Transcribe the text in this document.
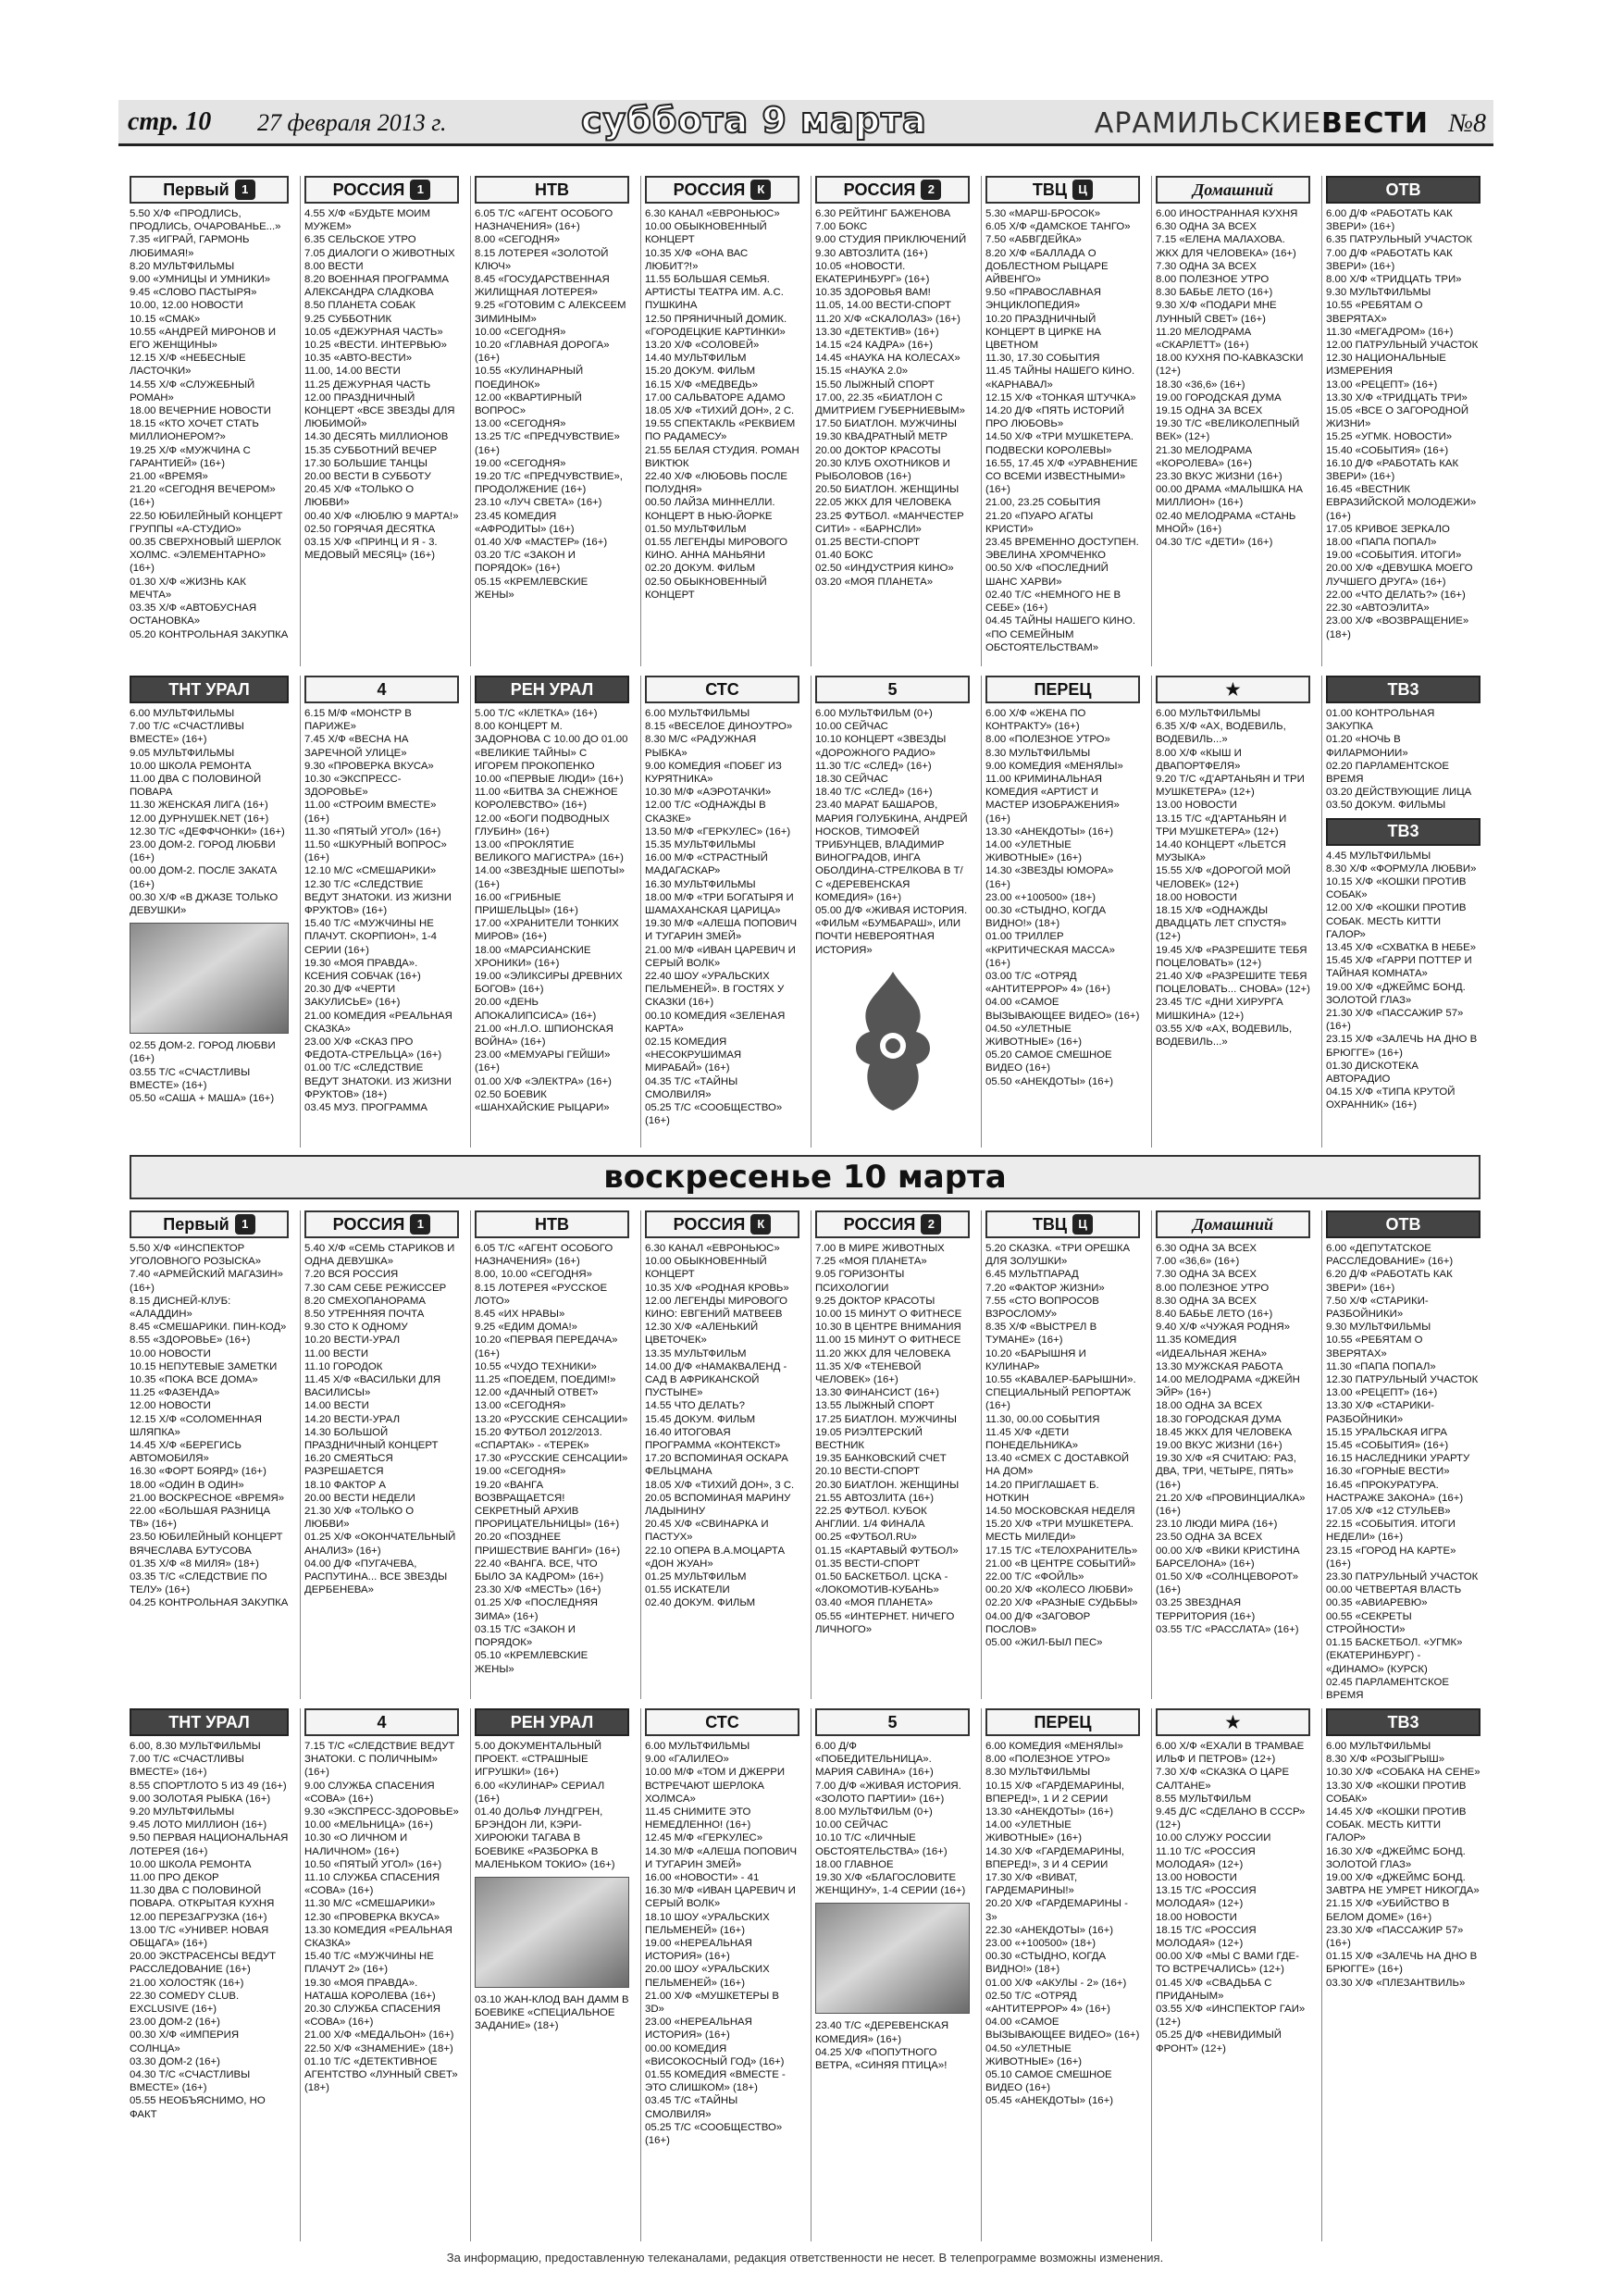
стр. 10 27 февраля 2013 г.	суббота 9 марта	АРАМИЛЬСКИЕВЕСТИ №8
Первый	1

5.50 Х/Ф «ПРОДЛИСЬ, ПРОДЛИСЬ, ОЧАРОВАНЬЕ...»

7.35 «ИГРАЙ, ГАРМОНЬ ЛЮБИМАЯ!»

8.20 МУЛЬТФИЛЬМЫ

9.00 «УМНИЦЫ И УМНИКИ»

9.45 «СЛОВО ПАСТЫРЯ»

10.00, 12.00 НОВОСТИ

10.15 «СМАК»

10.55 «АНДРЕЙ МИРОНОВ И ЕГО ЖЕНЩИНЫ»

12.15 Х/Ф «НЕБЕСНЫЕ ЛАСТОЧКИ»

14.55 Х/Ф «СЛУЖЕБНЫЙ РОМАН»

18.00 ВЕЧЕРНИЕ НОВОСТИ

18.15 «КТО ХОЧЕТ СТАТЬ МИЛЛИОНЕРОМ?»

19.25 Х/Ф «МУЖЧИНА С ГАРАНТИЕЙ» (16+)

21.00 «ВРЕМЯ»

21.20 «СЕГОДНЯ ВЕЧЕРОМ» (16+)

22.50 ЮБИЛЕЙНЫЙ КОНЦЕРТ ГРУППЫ «А-СТУДИО»

00.35 СВЕРХНОВЫЙ ШЕРЛОК ХОЛМС. «ЭЛЕМЕНТАРНО» (16+)

01.30 Х/Ф «ЖИЗНЬ КАК МЕЧТА»

03.35 Х/Ф «АВТОБУСНАЯ ОСТАНОВКА»

05.20 КОНТРОЛЬНАЯ ЗАКУПКА

РОССИЯ	1

4.55 Х/Ф «БУДЬТЕ МОИМ МУЖЕМ»

6.35 СЕЛЬСКОЕ УТРО

7.05 ДИАЛОГИ О ЖИВОТНЫХ

8.00 ВЕСТИ

8.20 ВОЕННАЯ ПРОГРАММА АЛЕКСАНДРА СЛАДКОВА

8.50 ПЛАНЕТА СОБАК

9.25 СУББОТНИК

10.05 «ДЕЖУРНАЯ ЧАСТЬ»

10.25 «ВЕСТИ. ИНТЕРВЬЮ»

10.35 «АВТО-ВЕСТИ»

11.00, 14.00 ВЕСТИ

11.25 ДЕЖУРНАЯ ЧАСТЬ

12.00 ПРАЗДНИЧНЫЙ КОНЦЕРТ «ВСЕ ЗВЕЗДЫ ДЛЯ ЛЮБИМОЙ»

14.30 ДЕСЯТЬ МИЛЛИОНОВ

15.35 СУББОТНИЙ ВЕЧЕР

17.30 БОЛЬШИЕ ТАНЦЫ

20.00 ВЕСТИ В СУББОТУ

20.45 Х/Ф «ТОЛЬКО О ЛЮБВИ»

00.40 Х/Ф «ЛЮБЛЮ 9 МАРТА!»

02.50 ГОРЯЧАЯ ДЕСЯТКА

03.15 Х/Ф «ПРИНЦ И Я - 3. МЕДОВЫЙ МЕСЯЦ» (16+)

НТВ

6.05 Т/С «АГЕНТ ОСОБОГО НАЗНАЧЕНИЯ» (16+)

8.00 «СЕГОДНЯ»

8.15 ЛОТЕРЕЯ «ЗОЛОТОЙ КЛЮЧ»

8.45 «ГОСУДАРСТВЕННАЯ ЖИЛИЩНАЯ ЛОТЕРЕЯ»

9.25 «ГОТОВИМ С АЛЕКСЕЕМ ЗИМИНЫМ»

10.00 «СЕГОДНЯ»

10.20 «ГЛАВНАЯ ДОРОГА» (16+)

10.55 «КУЛИНАРНЫЙ ПОЕДИНОК»

12.00 «КВАРТИРНЫЙ ВОПРОС»

13.00 «СЕГОДНЯ»

13.25 Т/С «ПРЕДЧУВСТВИЕ» (16+)

19.00 «СЕГОДНЯ»

19.20 Т/С «ПРЕДЧУВСТВИЕ», ПРОДОЛЖЕНИЕ (16+)

23.10 «ЛУЧ СВЕТА» (16+)

23.45 КОМЕДИЯ «АФРОДИТЫ» (16+)

01.40 Х/Ф «МАСТЕР» (16+)

03.20 Т/С «ЗАКОН И ПОРЯДОК» (16+)

05.15 «КРЕМЛЕВСКИЕ ЖЕНЫ»

РОССИЯ	К

6.30 КАНАЛ «ЕВРОНЬЮС»

10.00 ОБЫКНОВЕННЫЙ КОНЦЕРТ

10.35 Х/Ф «ОНА ВАС ЛЮБИТ?!»

11.55 БОЛЬШАЯ СЕМЬЯ. АРТИСТЫ ТЕАТРА ИМ. А.С. ПУШКИНА

12.50 ПРЯНИЧНЫЙ ДОМИК. «ГОРОДЕЦКИЕ КАРТИНКИ»

13.20 Х/Ф «СОЛОВЕЙ»

14.40 МУЛЬТФИЛЬМ

15.20 ДОКУМ. ФИЛЬМ

16.15 Х/Ф «МЕДВЕДЬ»

17.00 САЛЬВАТОРЕ АДАМО

18.05 Х/Ф «ТИХИЙ ДОН», 2 С.

19.55 СПЕКТАКЛЬ «РЕКВИЕМ ПО РАДАМЕСУ»

21.55 БЕЛАЯ СТУДИЯ. РОМАН ВИКТЮК

22.40 Х/Ф «ЛЮБОВЬ ПОСЛЕ ПОЛУДНЯ»

00.50 ЛАЙЗА МИННЕЛЛИ. КОНЦЕРТ В НЬЮ-ЙОРКЕ

01.50 МУЛЬТФИЛЬМ

01.55 ЛЕГЕНДЫ МИРОВОГО КИНО. АННА МАНЬЯНИ

02.20 ДОКУМ. ФИЛЬМ

02.50 ОБЫКНОВЕННЫЙ КОНЦЕРТ

РОССИЯ	2

6.30 РЕЙТИНГ БАЖЕНОВА

7.00 БОКС

9.00 СТУДИЯ ПРИКЛЮЧЕНИЙ

9.30 АВТОЗЛИТА (16+)

10.05 «НОВОСТИ. ЕКАТЕРИНБУРГ» (16+)

10.35 ЗДОРОВЬЯ ВАМ!

11.05, 14.00 ВЕСТИ-СПОРТ

11.20 Х/Ф «СКАЛОЛАЗ» (16+)

13.30 «ДЕТЕКТИВ» (16+)

14.15 «24 КАДРА» (16+)

14.45 «НАУКА НА КОЛЕСАХ»

15.15 «НАУКА 2.0»

15.50 ЛЫЖНЫЙ СПОРТ

17.00, 22.35 «БИАТЛОН С ДМИТРИЕМ ГУБЕРНИЕВЫМ»

17.50 БИАТЛОН. МУЖЧИНЫ

19.30 КВАДРАТНЫЙ МЕТР

20.00 ДОКТОР КРАСОТЫ

20.30 КЛУБ ОХОТНИКОВ И РЫБОЛОВОВ (16+)

20.50 БИАТЛОН. ЖЕНЩИНЫ

22.05 ЖКХ ДЛЯ ЧЕЛОВЕКА

23.25 ФУТБОЛ. «МАНЧЕСТЕР СИТИ» - «БАРНСЛИ»

01.25 ВЕСТИ-СПОРТ

01.40 БОКС

02.50 «ИНДУСТРИЯ КИНО»

03.20 «МОЯ ПЛАНЕТА»

ТВЦ Ц

5.30 «МАРШ-БРОСОК»

6.05 Х/Ф «ДАМСКОЕ ТАНГО»

7.50 «АБВГДЕЙКА»

8.20 Х/Ф «БАЛЛАДА О ДОБЛЕСТНОМ РЫЦАРЕ АЙВЕНГО»

9.50 «ПРАВОСЛАВНАЯ ЭНЦИКЛОПЕДИЯ»

10.20 ПРАЗДНИЧНЫЙ КОНЦЕРТ В ЦИРКЕ НА ЦВЕТНОМ

11.30, 17.30 СОБЫТИЯ

11.45 ТАЙНЫ НАШЕГО КИНО. «КАРНАВАЛ»

12.15 Х/Ф «ТОНКАЯ ШТУЧКА»

14.20 Д/Ф «ПЯТЬ ИСТОРИЙ ПРО ЛЮБОВЬ»

14.50 Х/Ф «ТРИ МУШКЕТЕРА. ПОДВЕСКИ КОРОЛЕВЫ»

16.55, 17.45 Х/Ф «УРАВНЕНИЕ СО ВСЕМИ ИЗВЕСТНЫМИ» (16+)

21.00, 23.25 СОБЫТИЯ

21.20 «ПУАРО АГАТЫ КРИСТИ»

23.45 ВРЕМЕННО ДОСТУПЕН. ЭВЕЛИНА ХРОМЧЕНКО

00.50 Х/Ф «ПОСЛЕДНИЙ ШАНС ХАРВИ»

02.40 Т/С «НЕМНОГО НЕ В СЕБЕ» (16+)

04.45 ТАЙНЫ НАШЕГО КИНО. «ПО СЕМЕЙНЫМ ОБСТОЯТЕЛЬСТВАМ»

Домашний

6.00 ИНОСТРАННАЯ КУХНЯ

6.30 ОДНА ЗА ВСЕХ

7.15 «ЕЛЕНА МАЛАХОВА. ЖКХ ДЛЯ ЧЕЛОВЕКА» (16+)

7.30 ОДНА ЗА ВСЕХ

8.00 ПОЛЕЗНОЕ УТРО

8.30 БАБЬЕ ЛЕТО (16+)

9.30 Х/Ф «ПОДАРИ МНЕ ЛУННЫЙ СВЕТ» (16+)

11.20 МЕЛОДРАМА «СКАРЛЕТТ» (16+)

18.00 КУХНЯ ПО-КАВКАЗСКИ (12+)

18.30 «36,6» (16+)

19.00 ГОРОДСКАЯ ДУМА

19.15 ОДНА ЗА ВСЕХ

19.30 Т/С «ВЕЛИКОЛЕПНЫЙ ВЕК» (12+)

21.30 МЕЛОДРАМА «КОРОЛЕВА» (16+)

23.30 ВКУС ЖИЗНИ (16+)

00.00 ДРАМА «МАЛЫШКА НА МИЛЛИОН» (16+)

02.40 МЕЛОДРАМА «СТАНЬ МНОЙ» (16+)

04.30 Т/С «ДЕТИ» (16+)

ОТВ

6.00 Д/Ф «РАБОТАТЬ КАК ЗВЕРИ» (16+)

6.35 ПАТРУЛЬНЫЙ УЧАСТОК

7.00 Д/Ф «РАБОТАТЬ КАК ЗВЕРИ» (16+)

8.00 Х/Ф «ТРИДЦАТЬ ТРИ»

9.30 МУЛЬТФИЛЬМЫ

10.55 «РЕБЯТАМ О ЗВЕРЯТАХ»

11.30 «МЕГАДРОМ» (16+)

12.00 ПАТРУЛЬНЫЙ УЧАСТОК

12.30 НАЦИОНАЛЬНЫЕ ИЗМЕРЕНИЯ

13.00 «РЕЦЕПТ» (16+)

13.30 Х/Ф «ТРИДЦАТЬ ТРИ»

15.05 «ВСЕ О ЗАГОРОДНОЙ ЖИЗНИ»

15.25 «УГМК. НОВОСТИ»

15.40 «СОБЫТИЯ» (16+)

16.10 Д/Ф «РАБОТАТЬ КАК ЗВЕРИ» (16+)

16.45 «ВЕСТНИК ЕВРАЗИЙСКОЙ МОЛОДЕЖИ» (16+)

17.05 КРИВОЕ ЗЕРКАЛО

18.00 «ПАПА ПОПАЛ»

19.00 «СОБЫТИЯ. ИТОГИ»

20.00 Х/Ф «ДЕВУШКА МОЕГО ЛУЧШЕГО ДРУГА» (16+)

22.00 «ЧТО ДЕЛАТЬ?» (16+)

22.30 «АВТОЭЛИТА»

23.00 Х/Ф «ВОЗВРАЩЕНИЕ» (18+)

ТНТ УРАЛ

6.00 МУЛЬТФИЛЬМЫ

7.00 Т/С «СЧАСТЛИВЫ ВМЕСТЕ» (16+)

9.05 МУЛЬТФИЛЬМЫ

10.00 ШКОЛА РЕМОНТА

11.00 ДВА С ПОЛОВИНОЙ ПОВАРА

11.30 ЖЕНСКАЯ ЛИГА (16+)

12.00 ДУРНУШЕК.NET (16+)

12.30 Т/С «ДЕФФЧОНКИ» (16+)

23.00 ДОМ-2. ГОРОД ЛЮБВИ (16+)

00.00 ДОМ-2. ПОСЛЕ ЗАКАТА (16+)

00.30 Х/Ф «В ДЖАЗЕ ТОЛЬКО ДЕВУШКИ»

02.55 ДОМ-2. ГОРОД ЛЮБВИ (16+)

03.55 Т/С «СЧАСТЛИВЫ ВМЕСТЕ» (16+)

05.50 «САША + МАША» (16+)

4

6.15 М/Ф «МОНСТР В ПАРИЖЕ»

7.45 Х/Ф «ВЕСНА НА ЗАРЕЧНОЙ УЛИЦЕ»

9.30 «ПРОВЕРКА ВКУСА»

10.30 «ЭКСПРЕСС-ЗДОРОВЬЕ»

11.00 «СТРОИМ ВМЕСТЕ» (16+)

11.30 «ПЯТЫЙ УГОЛ» (16+)

11.50 «ШКУРНЫЙ ВОПРОС» (16+)

12.10 М/С «СМЕШАРИКИ»

12.30 Т/С «СЛЕДСТВИЕ ВЕДУТ ЗНАТОКИ. ИЗ ЖИЗНИ ФРУКТОВ» (16+)

15.40 Т/С «МУЖЧИНЫ НЕ ПЛАЧУТ. СКОРПИОН», 1-4 СЕРИИ (16+)

19.30 «МОЯ ПРАВДА». КСЕНИЯ СОБЧАК (16+)

20.30 Д/Ф «ЧЕРТИ ЗАКУЛИСЬЕ» (16+)

21.00 КОМЕДИЯ «РЕАЛЬНАЯ СКАЗКА»

23.00 Х/Ф «СКАЗ ПРО ФЕДОТА-СТРЕЛЬЦА» (16+)

01.00 Т/С «СЛЕДСТВИЕ ВЕДУТ ЗНАТОКИ. ИЗ ЖИЗНИ ФРУКТОВ» (18+)

03.45 МУЗ. ПРОГРАММА

РЕН УРАЛ

5.00 Т/С «КЛЕТКА» (16+)

8.00 КОНЦЕРТ М. ЗАДОРНОВА С 10.00 ДО 01.00 «ВЕЛИКИЕ ТАЙНЫ» С ИГОРЕМ ПРОКОПЕНКО

10.00 «ПЕРВЫЕ ЛЮДИ» (16+)

11.00 «БИТВА ЗА СНЕЖНОЕ КОРОЛЕВСТВО» (16+)

12.00 «БОГИ ПОДВОДНЫХ ГЛУБИН» (16+)

13.00 «ПРОКЛЯТИЕ ВЕЛИКОГО МАГИСТРА» (16+)

14.00 «ЗВЕЗДНЫЕ ШЕПОТЫ» (16+)

16.00 «ГРИБНЫЕ ПРИШЕЛЬЦЫ» (16+)

17.00 «ХРАНИТЕЛИ ТОНКИХ МИРОВ» (16+)

18.00 «МАРСИАНСКИЕ ХРОНИКИ» (16+)

19.00 «ЭЛИКСИРЫ ДРЕВНИХ БОГОВ» (16+)

20.00 «ДЕНЬ АПОКАЛИПСИСА» (16+)

21.00 «Н.Л.О. ШПИОНСКАЯ ВОЙНА» (16+)

23.00 «МЕМУАРЫ ГЕЙШИ» (16+)

01.00 Х/Ф «ЭЛЕКТРА» (16+)

02.50 БОЕВИК «ШАНХАЙСКИЕ РЫЦАРИ»

СТС

6.00 МУЛЬТФИЛЬМЫ

8.15 «ВЕСЕЛОЕ ДИНОУТРО»

8.30 М/С «РАДУЖНАЯ РЫБКА»

9.00 КОМЕДИЯ «ПОБЕГ ИЗ КУРЯТНИКА»

10.30 М/Ф «АЭРОТАЧКИ»

12.00 Т/С «ОДНАЖДЫ В СКАЗКЕ»

13.50 М/Ф «ГЕРКУЛЕС» (16+)

15.35 МУЛЬТФИЛЬМЫ

16.00 М/Ф «СТРАСТНЫЙ МАДАГАСКАР»

16.30 МУЛЬТФИЛЬМЫ

18.00 М/Ф «ТРИ БОГАТЫРЯ И ШАМАХАНСКАЯ ЦАРИЦА»

19.30 М/Ф «АЛЕША ПОПОВИЧ И ТУГАРИН ЗМЕЙ»

21.00 М/Ф «ИВАН ЦАРЕВИЧ И СЕРЫЙ ВОЛК»

22.40 ШОУ «УРАЛЬСКИХ ПЕЛЬМЕНЕЙ». В ГОСТЯХ У СКАЗКИ (16+)

00.10 КОМЕДИЯ «ЗЕЛЕНАЯ КАРТА»

02.15 КОМЕДИЯ «НЕСОКРУШИМАЯ МИРАБАЙ» (16+)

04.35 Т/С «ТАЙНЫ СМОЛВИЛЯ»

05.25 Т/С «СООБЩЕСТВО» (16+)

5

6.00 МУЛЬТФИЛЬМ (0+)

10.00 СЕЙЧАС

10.10 КОНЦЕРТ «ЗВЕЗДЫ «ДОРОЖНОГО РАДИО»

11.30 Т/С «СЛЕД» (16+)

18.30 СЕЙЧАС

18.40 Т/С «СЛЕД» (16+)

23.40 МАРАТ БАШАРОВ, МАРИЯ ГОЛУБКИНА, АНДРЕЙ НОСКОВ, ТИМОФЕЙ ТРИБУНЦЕВ, ВЛАДИМИР ВИНОГРАДОВ, ИНГА ОБОЛДИНА-СТРЕЛКОВА В Т/С «ДЕРЕВЕНСКАЯ КОМЕДИЯ» (16+)

05.00 Д/Ф «ЖИВАЯ ИСТОРИЯ. «ФИЛЬМ «БУМБАРАШ», ИЛИ ПОЧТИ НЕВЕРОЯТНАЯ ИСТОРИЯ»

ПЕРЕЦ

6.00 Х/Ф «ЖЕНА ПО КОНТРАКТУ» (16+)

8.00 «ПОЛЕЗНОЕ УТРО»

8.30 МУЛЬТФИЛЬМЫ

9.00 КОМЕДИЯ «МЕНЯЛЫ»

11.00 КРИМИНАЛЬНАЯ КОМЕДИЯ «АРТИСТ И МАСТЕР ИЗОБРАЖЕНИЯ» (16+)

13.30 «АНЕКДОТЫ» (16+)

14.00 «УЛЕТНЫЕ ЖИВОТНЫЕ» (16+)

14.30 «ЗВЕЗДЫ ЮМОРА» (16+)

23.00 «+100500» (18+)

00.30 «СТЫДНО, КОГДА ВИДНО!» (18+)

01.00 ТРИЛЛЕР «КРИТИЧЕСКАЯ МАССА» (16+)

03.00 Т/С «ОТРЯД «АНТИТЕРРОР» 4» (16+)

04.00 «САМОЕ ВЫЗЫВАЮЩЕЕ ВИДЕО» (16+)

04.50 «УЛЕТНЫЕ ЖИВОТНЫЕ» (16+)

05.20 САМОЕ СМЕШНОЕ ВИДЕО (16+)

05.50 «АНЕКДОТЫ» (16+)

★

6.00 МУЛЬТФИЛЬМЫ

6.35 Х/Ф «АХ, ВОДЕВИЛЬ, ВОДЕВИЛЬ...»

8.00 Х/Ф «КЫШ И ДВАПОРТФЕЛЯ»

9.20 Т/С «Д'АРТАНЬЯН И ТРИ МУШКЕТЕРА» (12+)

13.00 НОВОСТИ

13.15 Т/С «Д'АРТАНЬЯН И ТРИ МУШКЕТЕРА» (12+)

14.40 КОНЦЕРТ «ЛЬЕТСЯ МУЗЫКА»

15.55 Х/Ф «ДОРОГОЙ МОЙ ЧЕЛОВЕК» (12+)

18.00 НОВОСТИ

18.15 Х/Ф «ОДНАЖДЫ ДВАДЦАТЬ ЛЕТ СПУСТЯ» (12+)

19.45 Х/Ф «РАЗРЕШИТЕ ТЕБЯ ПОЦЕЛОВАТЬ» (12+)

21.40 Х/Ф «РАЗРЕШИТЕ ТЕБЯ ПОЦЕЛОВАТЬ... СНОВА» (12+)

23.45 Т/С «ДНИ ХИРУРГА МИШКИНА» (12+)

03.55 Х/Ф «АХ, ВОДЕВИЛЬ, ВОДЕВИЛЬ...»

ТВ3

01.00 КОНТРОЛЬНАЯ ЗАКУПКА

01.20 «НОЧЬ В ФИЛАРМОНИИ»

02.20 ПАРЛАМЕНТСКОЕ ВРЕМЯ

03.20 ДЕЙСТВУЮЩИЕ ЛИЦА

03.50 ДОКУМ. ФИЛЬМЫ

ТВ3

4.45 МУЛЬТФИЛЬМЫ

8.30 Х/Ф «ФОРМУЛА ЛЮБВИ»

10.15 Х/Ф «КОШКИ ПРОТИВ СОБАК»

12.00 Х/Ф «КОШКИ ПРОТИВ СОБАК. МЕСТЬ КИТТИ ГАЛОР»

13.45 Х/Ф «СХВАТКА В НЕБЕ»

15.45 Х/Ф «ГАРРИ ПОТТЕР И ТАЙНАЯ КОМНАТА»

19.00 Х/Ф «ДЖЕЙМС БОНД. ЗОЛОТОЙ ГЛАЗ»

21.30 Х/Ф «ПАССАЖИР 57» (16+)

23.15 Х/Ф «ЗАЛЕЧЬ НА ДНО В БРЮГГЕ» (16+)

01.30 ДИСКОТЕКА АВТОРАДИО

04.15 Х/Ф «ТИПА КРУТОЙ ОХРАННИК» (16+)

воскресенье 10 марта
Первый	1

5.50 Х/Ф «ИНСПЕКТОР УГОЛОВНОГО РОЗЫСКА»

7.40 «АРМЕЙСКИЙ МАГАЗИН» (16+)

8.15 ДИСНЕЙ-КЛУБ: «АЛАДДИН»

8.45 «СМЕШАРИКИ. ПИН-КОД»

8.55 «ЗДОРОВЬЕ» (16+)

10.00 НОВОСТИ

10.15 НЕПУТЕВЫЕ ЗАМЕТКИ

10.35 «ПОКА ВСЕ ДОМА»

11.25 «ФАЗЕНДА»

12.00 НОВОСТИ

12.15 Х/Ф «СОЛОМЕННАЯ ШЛЯПКА»

14.45 Х/Ф «БЕРЕГИСЬ АВТОМОБИЛЯ»

16.30 «ФОРТ БОЯРД» (16+)

18.00 «ОДИН В ОДИН»

21.00 ВОСКРЕСНОЕ «ВРЕМЯ»

22.00 «БОЛЬШАЯ РАЗНИЦА ТВ» (16+)

23.50 ЮБИЛЕЙНЫЙ КОНЦЕРТ ВЯЧЕСЛАВА БУТУСОВА

01.35 Х/Ф «8 МИЛЯ» (18+)

03.35 Т/С «СЛЕДСТВИЕ ПО ТЕЛУ» (16+)

04.25 КОНТРОЛЬНАЯ ЗАКУПКА

РОССИЯ	1

5.40 Х/Ф «СЕМЬ СТАРИКОВ И ОДНА ДЕВУШКА»

7.20 ВСЯ РОССИЯ

7.30 САМ СЕБЕ РЕЖИССЕР

8.20 СМЕХОПАНОРАМА

8.50 УТРЕННЯЯ ПОЧТА

9.30 СТО К ОДНОМУ

10.20 ВЕСТИ-УРАЛ

11.00 ВЕСТИ

11.10 ГОРОДОК

11.45 Х/Ф «ВАСИЛЬКИ ДЛЯ ВАСИЛИСЫ»

14.00 ВЕСТИ

14.20 ВЕСТИ-УРАЛ

14.30 БОЛЬШОЙ ПРАЗДНИЧНЫЙ КОНЦЕРТ

16.20 СМЕЯТЬСЯ РАЗРЕШАЕТСЯ

18.10 ФАКТОР А

20.00 ВЕСТИ НЕДЕЛИ

21.30 Х/Ф «ТОЛЬКО О ЛЮБВИ»

01.25 Х/Ф «ОКОНЧАТЕЛЬНЫЙ АНАЛИЗ» (16+)

04.00 Д/Ф «ПУГАЧЕВА, РАСПУТИНА... ВСЕ ЗВЕЗДЫ ДЕРБЕНЕВА»

НТВ

6.05 Т/С «АГЕНТ ОСОБОГО НАЗНАЧЕНИЯ» (16+)

8.00, 10.00 «СЕГОДНЯ»

8.15 ЛОТЕРЕЯ «РУССКОЕ ЛОТО»

8.45 «ИХ НРАВЫ»

9.25 «ЕДИМ ДОМА!»

10.20 «ПЕРВАЯ ПЕРЕДАЧА» (16+)

10.55 «ЧУДО ТЕХНИКИ»

11.25 «ПОЕДЕМ, ПОЕДИМ!»

12.00 «ДАЧНЫЙ ОТВЕТ»

13.00 «СЕГОДНЯ»

13.20 «РУССКИЕ СЕНСАЦИИ»

15.20 ФУТБОЛ 2012/2013. «СПАРТАК» - «ТЕРЕК»

17.30 «РУССКИЕ СЕНСАЦИИ»

19.00 «СЕГОДНЯ»

19.20 «ВАНГА ВОЗВРАЩАЕТСЯ! СЕКРЕТНЫЙ АРХИВ ПРОРИЦАТЕЛЬНИЦЫ» (16+)

20.20 «ПОЗДНЕЕ ПРИШЕСТВИЕ ВАНГИ» (16+)

22.40 «ВАНГА. ВСЕ, ЧТО БЫЛО ЗА КАДРОМ» (16+)

23.30 Х/Ф «МЕСТЬ» (16+)

01.25 Х/Ф «ПОСЛЕДНЯЯ ЗИМА» (16+)

03.15 Т/С «ЗАКОН И ПОРЯДОК»

05.10 «КРЕМЛЕВСКИЕ ЖЕНЫ»

РОССИЯ	К

6.30 КАНАЛ «ЕВРОНЬЮС»

10.00 ОБЫКНОВЕННЫЙ КОНЦЕРТ

10.35 Х/Ф «РОДНАЯ КРОВЬ»

12.00 ЛЕГЕНДЫ МИРОВОГО КИНО: ЕВГЕНИЙ МАТВЕЕВ

12.30 Х/Ф «АЛЕНЬКИЙ ЦВЕТОЧЕК»

13.35 МУЛЬТФИЛЬМ

14.00 Д/Ф «НАМАКВАЛЕНД - САД В АФРИКАНСКОЙ ПУСТЫНЕ»

14.55 ЧТО ДЕЛАТЬ?

15.45 ДОКУМ. ФИЛЬМ

16.40 ИТОГОВАЯ ПРОГРАММА «КОНТЕКСТ»

17.20 ВСПОМИНАЯ ОСКАРА ФЕЛЬЦМАНА

18.05 Х/Ф «ТИХИЙ ДОН», 3 С.

20.05 ВСПОМИНАЯ МАРИНУ ЛАДЫНИНУ

20.45 Х/Ф «СВИНАРКА И ПАСТУХ»

22.10 ОПЕРА В.А.МОЦАРТА «ДОН ЖУАН»

01.25 МУЛЬТФИЛЬМ

01.55 ИСКАТЕЛИ

02.40 ДОКУМ. ФИЛЬМ

РОССИЯ	2

7.00 В МИРЕ ЖИВОТНЫХ

7.25 «МОЯ ПЛАНЕТА»

9.05 ГОРИЗОНТЫ ПСИХОЛОГИИ

9.25 ДОКТОР КРАСОТЫ

10.00 15 МИНУТ О ФИТНЕСЕ

10.30 В ЦЕНТРЕ ВНИМАНИЯ

11.00 15 МИНУТ О ФИТНЕСЕ

11.20 ЖКХ ДЛЯ ЧЕЛОВЕКА

11.35 Х/Ф «ТЕНЕВОЙ ЧЕЛОВЕК» (16+)

13.30 ФИНАНСИСТ (16+)

13.55 ЛЫЖНЫЙ СПОРТ

17.25 БИАТЛОН. МУЖЧИНЫ

19.05 РИЭЛТЕРСКИЙ ВЕСТНИК

19.35 БАНКОВСКИЙ СЧЕТ

20.10 ВЕСТИ-СПОРТ

20.30 БИАТЛОН. ЖЕНЩИНЫ

21.55 АВТОЗЛИТА (16+)

22.25 ФУТБОЛ. КУБОК АНГЛИИ. 1/4 ФИНАЛА

00.25 «ФУТБОЛ.RU»

01.15 «КАРТАВЫЙ ФУТБОЛ»

01.35 ВЕСТИ-СПОРТ

01.50 БАСКЕТБОЛ. ЦСКА - «ЛОКОМОТИВ-КУБАНЬ»

03.40 «МОЯ ПЛАНЕТА»

05.55 «ИНТЕРНЕТ. НИЧЕГО ЛИЧНОГО»

ТВЦ Ц

5.20 СКАЗКА. «ТРИ ОРЕШКА ДЛЯ ЗОЛУШКИ»

6.45 МУЛЬТПАРАД

7.20 «ФАКТОР ЖИЗНИ»

7.55 «СТО ВОПРОСОВ ВЗРОСЛОМУ»

8.35 Х/Ф «ВЫСТРЕЛ В ТУМАНЕ» (16+)

10.20 «БАРЫШНЯ И КУЛИНАР»

10.55 «КАВАЛЕР-БАРЫШНИ». СПЕЦИАЛЬНЫЙ РЕПОРТАЖ (16+)

11.30, 00.00 СОБЫТИЯ

11.45 Х/Ф «ДЕТИ ПОНЕДЕЛЬНИКА»

13.40 «СМЕХ С ДОСТАВКОЙ НА ДОМ»

14.20 ПРИГЛАШАЕТ Б. НОТКИН

14.50 МОСКОВСКАЯ НЕДЕЛЯ

15.20 Х/Ф «ТРИ МУШКЕТЕРА. МЕСТЬ МИЛЕДИ»

17.15 Т/С «ТЕЛОХРАНИТЕЛЬ»

21.00 «В ЦЕНТРЕ СОБЫТИЙ»

22.00 Т/С «ФОЙЛЬ»

00.20 Х/Ф «КОЛЕСО ЛЮБВИ»

02.20 Х/Ф «РАЗНЫЕ СУДЬБЫ»

04.00 Д/Ф «ЗАГОВОР ПОСЛОВ»

05.00 «ЖИЛ-БЫЛ ПЕС»

Домашний

6.30 ОДНА ЗА ВСЕХ

7.00 «36,6» (16+)

7.30 ОДНА ЗА ВСЕХ

8.00 ПОЛЕЗНОЕ УТРО

8.30 ОДНА ЗА ВСЕХ

8.40 БАБЬЕ ЛЕТО (16+)

9.40 Х/Ф «ЧУЖАЯ РОДНЯ»

11.35 КОМЕДИЯ «ИДЕАЛЬНАЯ ЖЕНА»

13.30 МУЖСКАЯ РАБОТА

14.00 МЕЛОДРАМА «ДЖЕЙН ЭЙР» (16+)

18.00 ОДНА ЗА ВСЕХ

18.30 ГОРОДСКАЯ ДУМА

18.45 ЖКХ ДЛЯ ЧЕЛОВЕКА

19.00 ВКУС ЖИЗНИ (16+)

19.30 Х/Ф «Я СЧИТАЮ: РАЗ, ДВА, ТРИ, ЧЕТЫРЕ, ПЯТЬ» (16+)

21.20 Х/Ф «ПРОВИНЦИАЛКА» (16+)

23.10 ЛЮДИ МИРА (16+)

23.50 ОДНА ЗА ВСЕХ

00.00 Х/Ф «ВИКИ КРИСТИНА БАРСЕЛОНА» (16+)

01.50 Х/Ф «СОЛНЦЕВОРОТ» (16+)

03.25 ЗВЕЗДНАЯ ТЕРРИТОРИЯ (16+)

03.55 Т/С «РАССЛАТА» (16+)

ОТВ

6.00 «ДЕПУТАТСКОЕ РАССЛЕДОВАНИЕ» (16+)

6.20 Д/Ф «РАБОТАТЬ КАК ЗВЕРИ» (16+)

7.50 Х/Ф «СТАРИКИ-РАЗБОЙНИКИ»

9.30 МУЛЬТФИЛЬМЫ

10.55 «РЕБЯТАМ О ЗВЕРЯТАХ»

11.30 «ПАПА ПОПАЛ»

12.30 ПАТРУЛЬНЫЙ УЧАСТОК

13.00 «РЕЦЕПТ» (16+)

13.30 Х/Ф «СТАРИКИ-РАЗБОЙНИКИ»

15.15 УРАЛЬСКАЯ ИГРА

15.45 «СОБЫТИЯ» (16+)

16.15 НАСЛЕДНИКИ УРАРТУ

16.30 «ГОРНЫЕ ВЕСТИ»

16.45 «ПРОКУРАТУРА. НАСТРАЖЕ ЗАКОНА» (16+)

17.05 Х/Ф «12 СТУЛЬЕВ»

22.15 «СОБЫТИЯ. ИТОГИ НЕДЕЛИ» (16+)

23.15 «ГОРОД НА КАРТЕ» (16+)

23.30 ПАТРУЛЬНЫЙ УЧАСТОК

00.00 ЧЕТВЕРТАЯ ВЛАСТЬ

00.35 «АВИАРЕВЮ»

00.55 «СЕКРЕТЫ СТРОЙНОСТИ»

01.15 БАСКЕТБОЛ. «УГМК» (ЕКАТЕРИНБУРГ) - «ДИНАМО» (КУРСК)

02.45 ПАРЛАМЕНТСКОЕ ВРЕМЯ

ТНТ УРАЛ

6.00, 8.30 МУЛЬТФИЛЬМЫ

7.00 Т/С «СЧАСТЛИВЫ ВМЕСТЕ» (16+)

8.55 СПОРТЛОТО 5 ИЗ 49 (16+)

9.00 ЗОЛОТАЯ РЫБКА (16+)

9.20 МУЛЬТФИЛЬМЫ

9.45 ЛОТО МИЛЛИОН (16+)

9.50 ПЕРВАЯ НАЦИОНАЛЬНАЯ ЛОТЕРЕЯ (16+)

10.00 ШКОЛА РЕМОНТА

11.00 ПРО ДЕКОР

11.30 ДВА С ПОЛОВИНОЙ ПОВАРА. ОТКРЫТАЯ КУХНЯ

12.00 ПЕРЕЗАГРУЗКА (16+)

13.00 Т/С «УНИВЕР. НОВАЯ ОБЩАГА» (16+)

20.00 ЭКСТРАСЕНСЫ ВЕДУТ РАССЛЕДОВАНИЕ (16+)

21.00 ХОЛОСТЯК (16+)

22.30 COMEDY CLUB. EXCLUSIVE (16+)

23.00 ДОМ-2 (16+)

00.30 Х/Ф «ИМПЕРИЯ СОЛНЦА»

03.30 ДОМ-2 (16+)

04.30 Т/С «СЧАСТЛИВЫ ВМЕСТЕ» (16+)

05.55 НЕОБЪЯСНИМО, НО ФАКТ

4

7.15 Т/С «СЛЕДСТВИЕ ВЕДУТ ЗНАТОКИ. С ПОЛИЧНЫМ» (16+)

9.00 СЛУЖБА СПАСЕНИЯ «СОВА» (16+)

9.30 «ЭКСПРЕСС-ЗДОРОВЬЕ»

10.00 «МЕЛЬНИЦА» (16+)

10.30 «О ЛИЧНОМ И НАЛИЧНОМ» (16+)

10.50 «ПЯТЫЙ УГОЛ» (16+)

11.10 СЛУЖБА СПАСЕНИЯ «СОВА» (16+)

11.30 М/С «СМЕШАРИКИ»

12.30 «ПРОВЕРКА ВКУСА»

13.30 КОМЕДИЯ «РЕАЛЬНАЯ СКАЗКА»

15.40 Т/С «МУЖЧИНЫ НЕ ПЛАЧУТ 2» (16+)

19.30 «МОЯ ПРАВДА». НАТАША КОРОЛЕВА (16+)

20.30 СЛУЖБА СПАСЕНИЯ «СОВА» (16+)

21.00 Х/Ф «МЕДАЛЬОН» (16+)

22.50 Х/Ф «ЗНАМЕНИЕ» (18+)

01.10 Т/С «ДЕТЕКТИВНОЕ АГЕНТСТВО «ЛУННЫЙ СВЕТ» (18+)

РЕН УРАЛ

5.00 ДОКУМЕНТАЛЬНЫЙ ПРОЕКТ. «СТРАШНЫЕ ИГРУШКИ» (16+)

6.00 «КУЛИНАР» СЕРИАЛ (16+)

01.40 ДОЛЬФ ЛУНДГРЕН, БРЭНДОН ЛИ, КЭРИ-ХИРОЮКИ ТАГАВА В БОЕВИКЕ «РАЗБОРКА В МАЛЕНЬКОМ ТОКИО» (16+)

03.10 ЖАН-КЛОД ВАН ДАММ В БОЕВИКЕ «СПЕЦИАЛЬНОЕ ЗАДАНИЕ» (18+)

СТС

6.00 МУЛЬТФИЛЬМЫ

9.00 «ГАЛИЛЕО»

10.00 М/Ф «ТОМ И ДЖЕРРИ ВСТРЕЧАЮТ ШЕРЛОКА ХОЛМСА»

11.45 СНИМИТЕ ЭТО НЕМЕДЛЕННО! (16+)

12.45 М/Ф «ГЕРКУЛЕС»

14.30 М/Ф «АЛЕША ПОПОВИЧ И ТУГАРИН ЗМЕЙ»

16.00 «НОВОСТИ» - 41

16.30 М/Ф «ИВАН ЦАРЕВИЧ И СЕРЫЙ ВОЛК»

18.10 ШОУ «УРАЛЬСКИХ ПЕЛЬМЕНЕЙ» (16+)

19.00 «НЕРЕАЛЬНАЯ ИСТОРИЯ» (16+)

20.00 ШОУ «УРАЛЬСКИХ ПЕЛЬМЕНЕЙ» (16+)

21.00 Х/Ф «МУШКЕТЕРЫ В 3D»

23.00 «НЕРЕАЛЬНАЯ ИСТОРИЯ» (16+)

00.00 КОМЕДИЯ «ВИСОКОСНЫЙ ГОД» (16+)

01.55 КОМЕДИЯ «ВМЕСТЕ - ЭТО СЛИШКОМ» (18+)

03.45 Т/С «ТАЙНЫ СМОЛВИЛЯ»

05.25 Т/С «СООБЩЕСТВО» (16+)

5

6.00 Д/Ф «ПОБЕДИТЕЛЬНИЦА». МАРИЯ САВИНА» (16+)

7.00 Д/Ф «ЖИВАЯ ИСТОРИЯ. «ЗОЛОТО ПАРТИИ» (16+)

8.00 МУЛЬТФИЛЬМ (0+)

10.00 СЕЙЧАС

10.10 Т/С «ЛИЧНЫЕ ОБСТОЯТЕЛЬСТВА» (16+)

18.00 ГЛАВНОЕ

19.30 Х/Ф «БЛАГОСЛОВИТЕ ЖЕНЩИНУ», 1-4 СЕРИИ (16+)

23.40 Т/С «ДЕРЕВЕНСКАЯ КОМЕДИЯ» (16+)

04.25 Х/Ф «ПОПУТНОГО ВЕТРА, «СИНЯЯ ПТИЦА»!

ПЕРЕЦ

6.00 КОМЕДИЯ «МЕНЯЛЫ»

8.00 «ПОЛЕЗНОЕ УТРО»

8.30 МУЛЬТФИЛЬМЫ

10.15 Х/Ф «ГАРДЕМАРИНЫ, ВПЕРЕД!», 1 И 2 СЕРИИ

13.30 «АНЕКДОТЫ» (16+)

14.00 «УЛЕТНЫЕ ЖИВОТНЫЕ» (16+)

14.30 Х/Ф «ГАРДЕМАРИНЫ, ВПЕРЕД!», 3 И 4 СЕРИИ

17.30 Х/Ф «ВИВАТ, ГАРДЕМАРИНЫ!»

20.20 Х/Ф «ГАРДЕМАРИНЫ - 3»

22.30 «АНЕКДОТЫ» (16+)

23.00 «+100500» (18+)

00.30 «СТЫДНО, КОГДА ВИДНО!» (18+)

01.00 Х/Ф «АКУЛЫ - 2» (16+)

02.50 Т/С «ОТРЯД «АНТИТЕРРОР» 4» (16+)

04.00 «САМОЕ ВЫЗЫВАЮЩЕЕ ВИДЕО» (16+)

04.50 «УЛЕТНЫЕ ЖИВОТНЫЕ» (16+)

05.10 САМОЕ СМЕШНОЕ ВИДЕО (16+)

05.45 «АНЕКДОТЫ» (16+)

★

6.00 Х/Ф «ЕХАЛИ В ТРАМВАЕ ИЛЬФ И ПЕТРОВ» (12+)

7.30 Х/Ф «СКАЗКА О ЦАРЕ САЛТАНЕ»

8.55 МУЛЬТФИЛЬМ

9.45 Д/С «СДЕЛАНО В СССР» (12+)

10.00 СЛУЖУ РОССИИ

11.10 Т/С «РОССИЯ МОЛОДАЯ» (12+)

13.00 НОВОСТИ

13.15 Т/С «РОССИЯ МОЛОДАЯ» (12+)

18.00 НОВОСТИ

18.15 Т/С «РОССИЯ МОЛОДАЯ» (12+)

00.00 Х/Ф «МЫ С ВАМИ ГДЕ-ТО ВСТРЕЧАЛИСЬ» (12+)

01.45 Х/Ф «СВАДЬБА С ПРИДАНЫМ»

03.55 Х/Ф «ИНСПЕКТОР ГАИ» (12+)

05.25 Д/Ф «НЕВИДИМЫЙ ФРОНТ» (12+)

ТВ3

6.00 МУЛЬТФИЛЬМЫ

8.30 Х/Ф «РОЗЫГРЫШ»

10.30 Х/Ф «СОБАКА НА СЕНЕ»

13.30 Х/Ф «КОШКИ ПРОТИВ СОБАК»

14.45 Х/Ф «КОШКИ ПРОТИВ СОБАК. МЕСТЬ КИТТИ ГАЛОР»

16.30 Х/Ф «ДЖЕЙМС БОНД. ЗОЛОТОЙ ГЛАЗ»

19.00 Х/Ф «ДЖЕЙМС БОНД. ЗАВТРА НЕ УМРЕТ НИКОГДА»

21.15 Х/Ф «УБИЙСТВО В БЕЛОМ ДОМЕ» (16+)

23.30 Х/Ф «ПАССАЖИР 57» (16+)

01.15 Х/Ф «ЗАЛЕЧЬ НА ДНО В БРЮГГЕ» (16+)

03.30 Х/Ф «ПЛЕЗАНТВИЛЬ»

За информацию, предоставленную телеканалами, редакция ответственности не несет. В телепрограмме возможны изменения.
